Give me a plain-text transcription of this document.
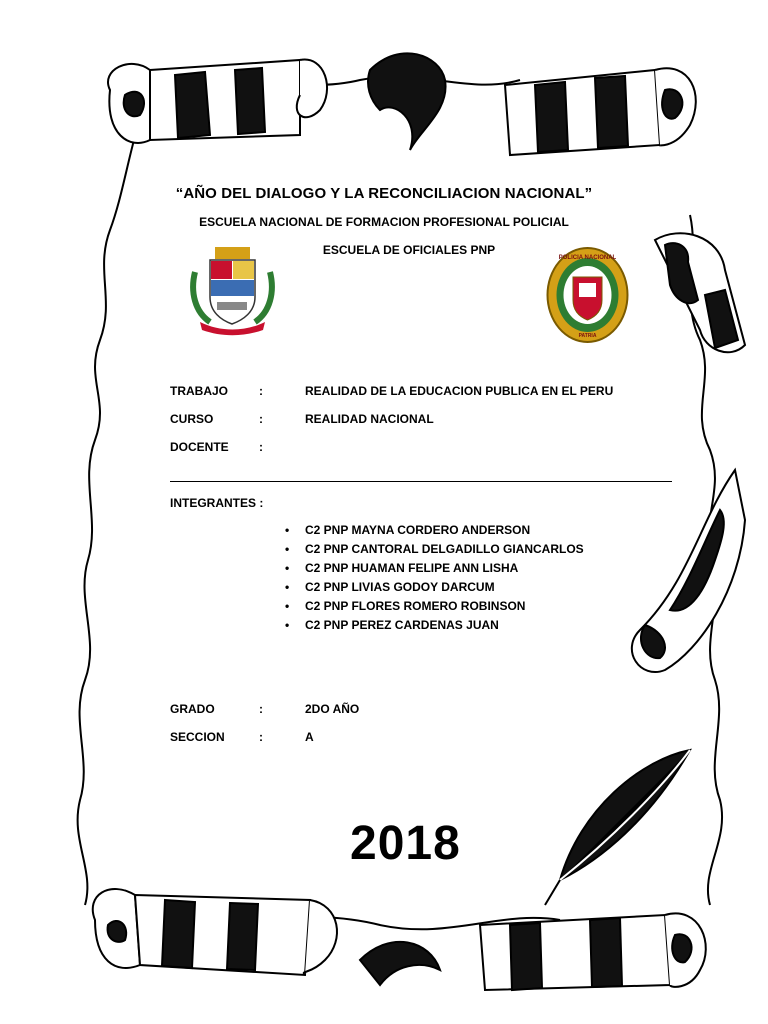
“AÑO DEL DIALOGO Y LA RECONCILIACION NACIONAL”
ESCUELA NACIONAL DE FORMACION PROFESIONAL POLICIAL
ESCUELA DE OFICIALES PNP
POLICIA NACIONAL
PATRIA
TRABAJO	:	REALIDAD DE LA EDUCACION PUBLICA EN EL PERU
CURSO	:	REALIDAD NACIONAL
DOCENTE	:
INTEGRANTES :
• C2 PNP MAYNA CORDERO ANDERSON
• C2 PNP CANTORAL DELGADILLO GIANCARLOS
• C2 PNP HUAMAN FELIPE ANN LISHA
• C2 PNP LIVIAS GODOY DARCUM
• C2 PNP FLORES ROMERO ROBINSON
• C2 PNP PEREZ CARDENAS JUAN
GRADO	:	2DO AÑO
SECCION	:	A
2018
